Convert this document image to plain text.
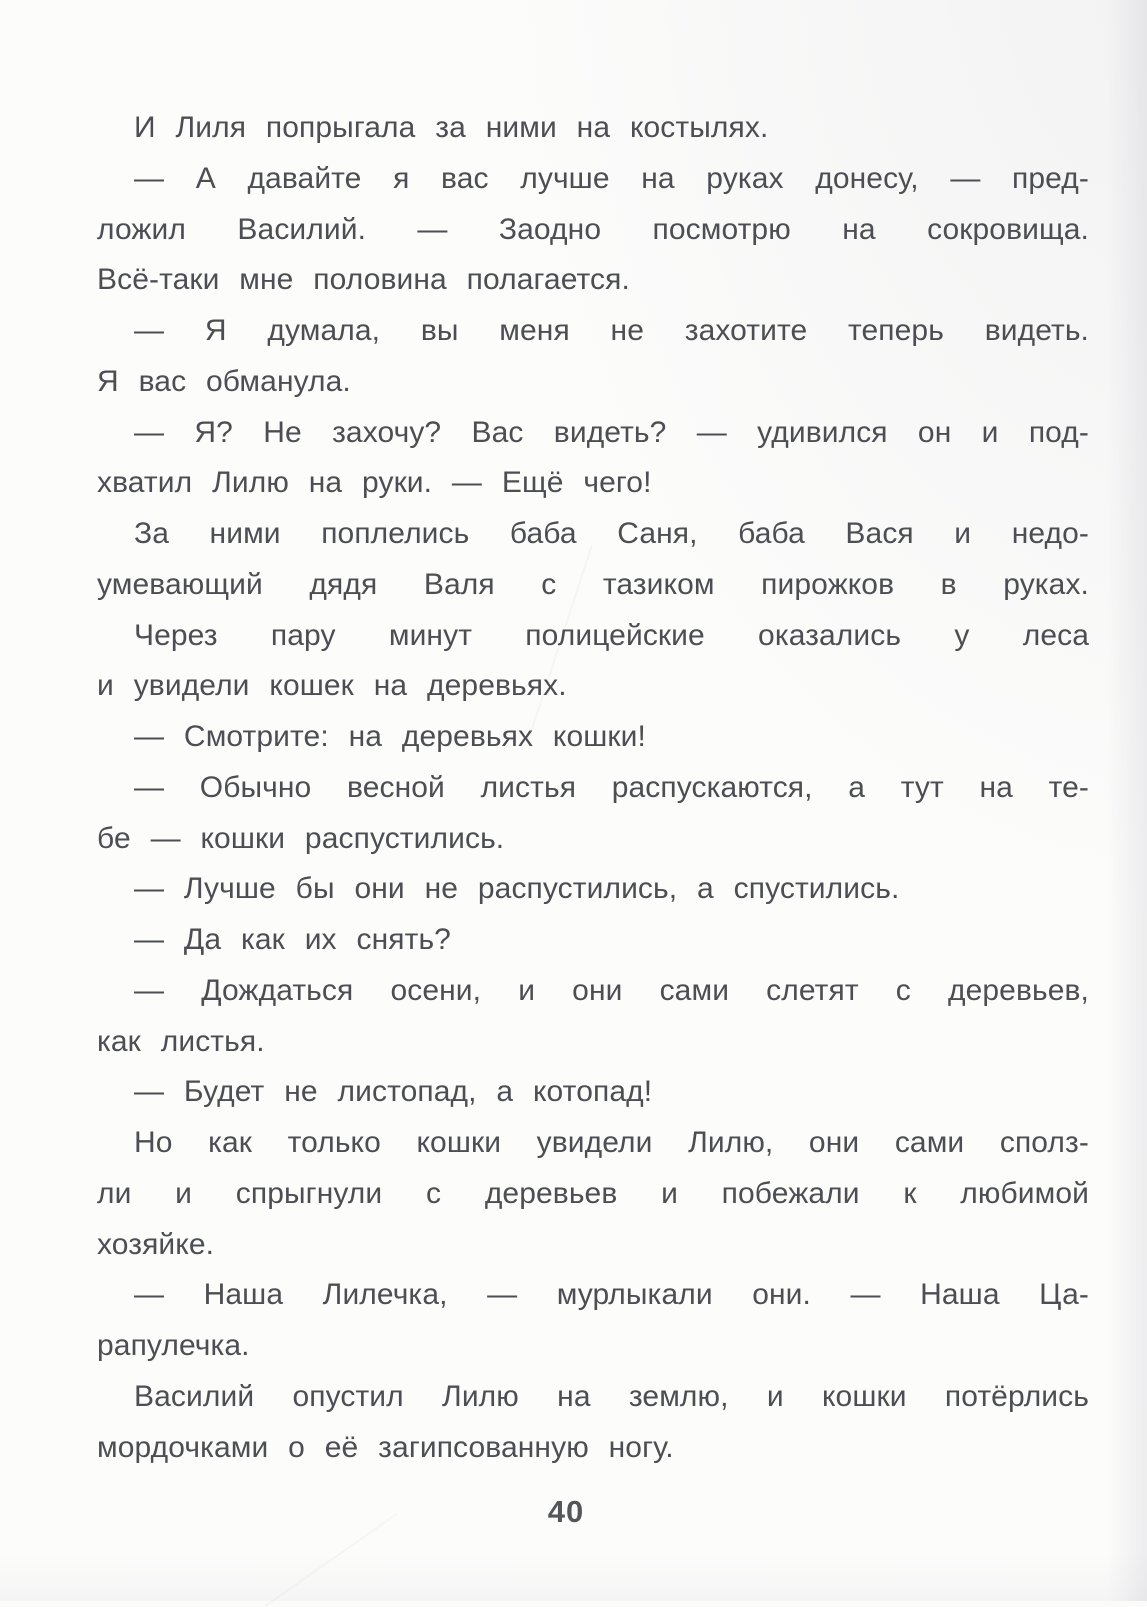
И Лиля попрыгала за ними на костылях.
— А давайте я вас лучше на руках донесу, — пред-
ложил Василий. — Заодно посмотрю на сокровища.
Всё-таки мне половина полагается.
— Я думала, вы меня не захотите теперь видеть.
Я вас обманула.
— Я? Не захочу? Вас видеть? — удивился он и под-
хватил Лилю на руки. — Ещё чего!
За ними поплелись баба Саня, баба Вася и недо-
умевающий дядя Валя с тазиком пирожков в руках.
Через пару минут полицейские оказались у леса
и увидели кошек на деревьях.
— Смотрите: на деревьях кошки!
— Обычно весной листья распускаются, а тут на те-
бе — кошки распустились.
— Лучше бы они не распустились, а спустились.
— Да как их снять?
— Дождаться осени, и они сами слетят с деревьев,
как листья.
— Будет не листопад, а котопад!
Но как только кошки увидели Лилю, они сами сполз-
ли и спрыгнули с деревьев и побежали к любимой
хозяйке.
— Наша Лилечка, — мурлыкали они. — Наша Ца-
рапулечка.
Василий опустил Лилю на землю, и кошки потёрлись
мордочками о её загипсованную ногу.
40
